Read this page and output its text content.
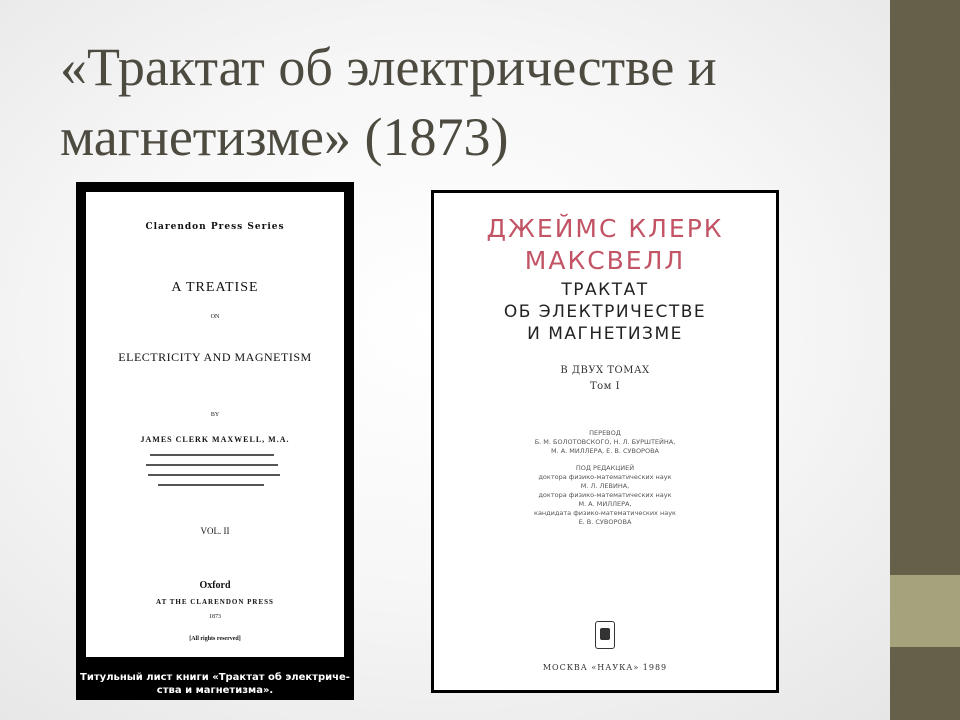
«Трактат об электричестве и
магнетизме» (1873)
Clarendon Press Series
A TREATISE
ON
ELECTRICITY AND MAGNETISM
BY
JAMES CLERK MAXWELL, M.A.
VOL. II
Oxford
AT THE CLARENDON PRESS
1873
[All rights reserved]
Титульный лист книги «Трактат об электриче-
ства и магнетизма».
ДЖЕЙМС КЛЕРК
МАКСВЕЛЛ
ТРАКТАТ
ОБ ЭЛЕКТРИЧЕСТВЕ
И МАГНЕТИЗМЕ
В ДВУХ ТОМАХ
Том I
ПЕРЕВОД
Б. М. БОЛОТОВСКОГО, Н. Л. БУРШТЕЙНА,
М. А. МИЛЛЕРА, Е. В. СУВОРОВА
ПОД РЕДАКЦИЕЙ
доктора физико-математических наук
М. Л. ЛЕВИНА,
доктора физико-математических наук
М. А. МИЛЛЕРА,
кандидата физико-математических наук
Е. В. СУВОРОВА
МОСКВА «НАУКА» 1989
